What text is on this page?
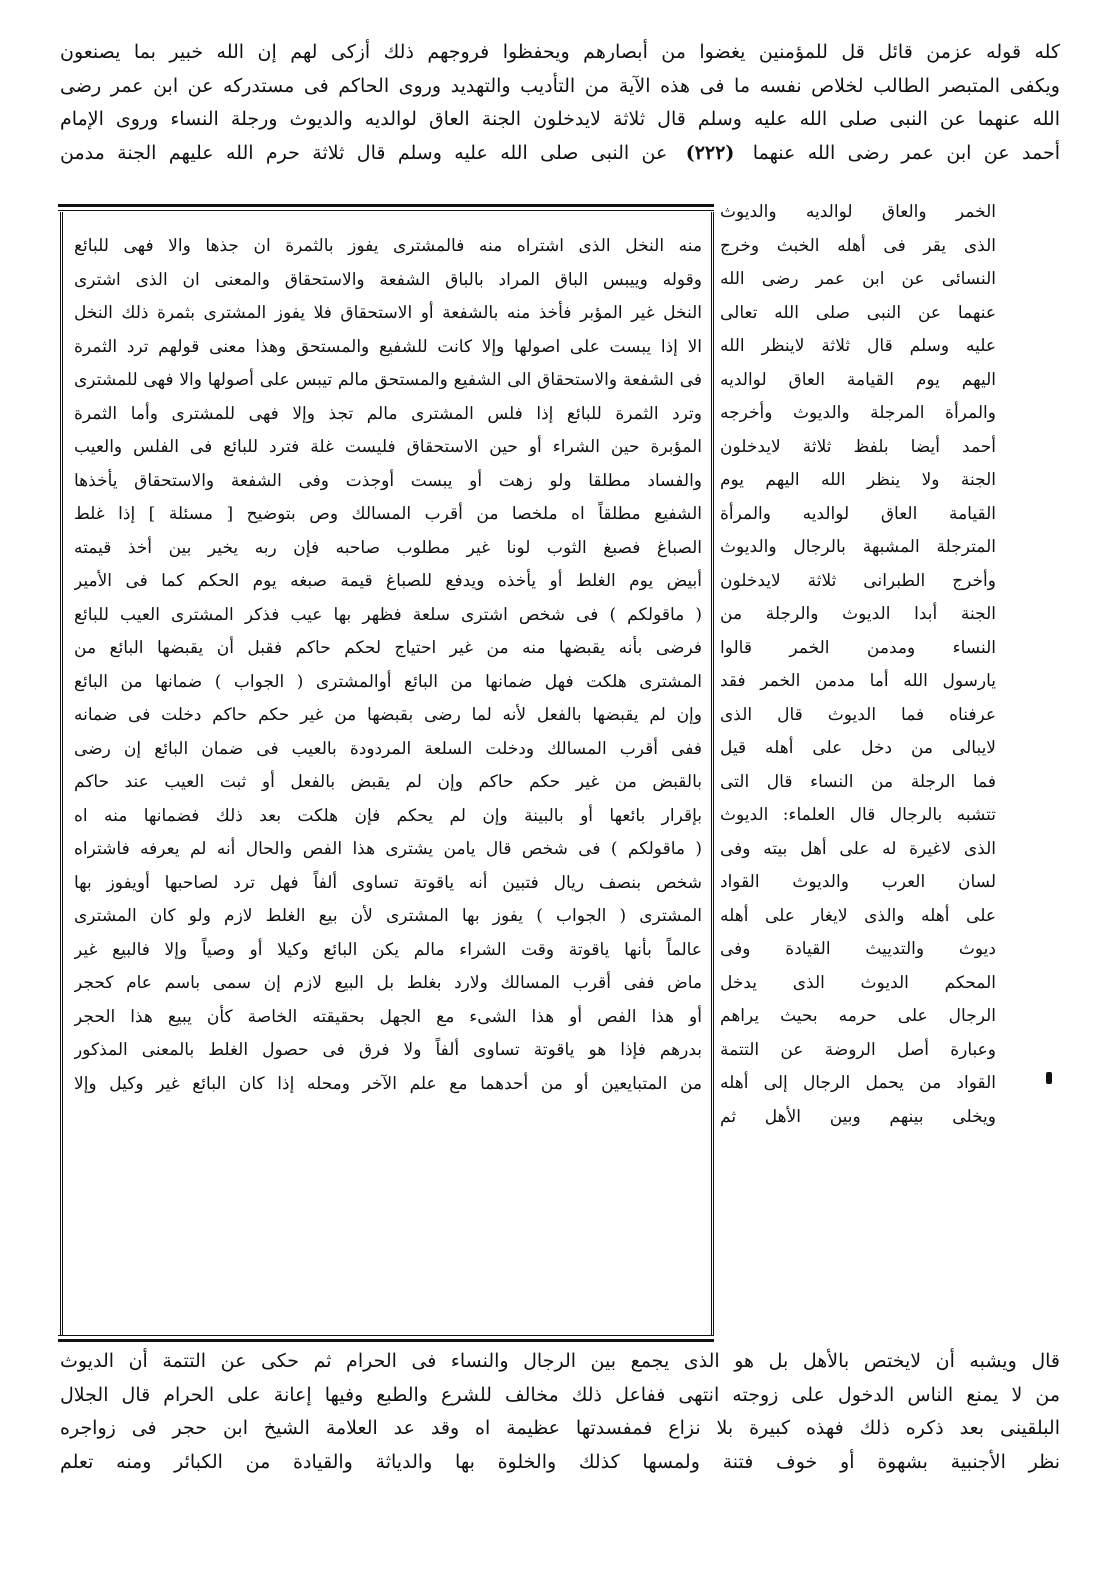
كله قوله عزمن قائل قل للمؤمنين يغضوا من أبصارهم ويحفظوا فروجهم ذلك أزكى لهم إن الله خبير بما يصنعون
ويكفى المتبصر الطالب لخلاص نفسه ما فى هذه الآية من التأديب والتهديد وروى الحاكم فى مستدركه عن ابن عمر رضى
الله عنهما عن النبى صلى الله عليه وسلم قال ثلاثة لايدخلون الجنة العاق لوالديه والديوث ورجلة النساء وروى الإمام
أحمد عن ابن عمر رضى الله عنهما (٢٢٢) عن النبى صلى الله عليه وسلم قال ثلاثة حرم الله عليهم الجنة مدمن
منه النخل الذى اشتراه منه فالمشترى يفوز بالثمرة ان جذها والا فهى للبائع
وقوله وييبس الباق المراد بالباق الشفعة والاستحقاق والمعنى ان الذى اشترى
النخل غير المؤبر فأخذ منه بالشفعة أو الاستحقاق فلا يفوز المشترى بثمرة ذلك النخل
الا إذا يبست على اصولها وإلا كانت للشفيع والمستحق وهذا معنى قولهم ترد الثمرة
فى الشفعة والاستحقاق الى الشفيع والمستحق مالم تيبس على أصولها والا فهى للمشترى
وترد الثمرة للبائع إذا فلس المشترى مالم تجذ وإلا فهى للمشترى وأما الثمرة
المؤبرة حين الشراء أو حين الاستحقاق فليست غلة فترد للبائع فى الفلس والعيب
والفساد مطلقا ولو زهت أو يبست أوجذت وفى الشفعة والاستحقاق يأخذها
الشفيع مطلقاً اه ملخصا من أقرب المسالك وص بتوضيح [ مسئلة ] إذا غلط
الصباغ فصبغ الثوب لونا غير مطلوب صاحبه فإن ربه يخير بين أخذ قيمته
أبيض يوم الغلط أو يأخذه ويدفع للصباغ قيمة صبغه يوم الحكم كما فى الأمير
( ماقولكم ) فى شخص اشترى سلعة فظهر بها عيب فذكر المشترى العيب للبائع
فرضى بأنه يقبضها منه من غير احتياج لحكم حاكم فقبل أن يقبضها البائع من
المشترى هلكت فهل ضمانها من البائع أوالمشترى ( الجواب ) ضمانها من البائع
وإن لم يقبضها بالفعل لأنه لما رضى بقبضها من غير حكم حاكم دخلت فى ضمانه
ففى أقرب المسالك ودخلت السلعة المردودة بالعيب فى ضمان البائع إن رضى
بالقبض من غير حكم حاكم وإن لم يقبض بالفعل أو ثبت العيب عند حاكم
بإقرار بائعها أو بالبينة وإن لم يحكم فإن هلكت بعد ذلك فضمانها منه اه
( ماقولكم ) فى شخص قال يامن يشترى هذا الفص والحال أنه لم يعرفه فاشتراه
شخص بنصف ريال فتبين أنه ياقوتة تساوى ألفاً فهل ترد لصاحبها أويفوز بها
المشترى ( الجواب ) يفوز بها المشترى لأن بيع الغلط لازم ولو كان المشترى
عالماً بأنها ياقوتة وقت الشراء مالم يكن البائع وكيلا أو وصياً وإلا فالبيع غير
ماض ففى أقرب المسالك ولارد بغلط بل البيع لازم إن سمى باسم عام كحجر
أو هذا الفص أو هذا الشىء مع الجهل بحقيقته الخاصة كأن يبيع هذا الحجر
بدرهم فإذا هو ياقوتة تساوى ألفاً ولا فرق فى حصول الغلط بالمعنى المذكور
من المتبايعين أو من أحدهما مع علم الآخر ومحله إذا كان البائع غير وكيل وإلا
الخمر والعاق لوالديه والديوث
الذى يقر فى أهله الخبث وخرج
النسائى عن ابن عمر رضى الله
عنهما عن النبى صلى الله تعالى
عليه وسلم قال ثلاثة لاينظر الله
اليهم يوم القيامة العاق لوالديه
والمرأة المرجلة والديوث وأخرجه
أحمد أيضا بلفظ ثلاثة لايدخلون
الجنة ولا ينظر الله اليهم يوم
القيامة العاق لوالديه والمرأة
المترجلة المشبهة بالرجال والديوث
وأخرج الطبرانى ثلاثة لايدخلون
الجنة أبدا الديوث والرجلة من
النساء ومدمن الخمر قالوا
يارسول الله أما مدمن الخمر فقد
عرفناه فما الديوث قال الذى
لايبالى من دخل على أهله قيل
فما الرجلة من النساء قال التى
تتشبه بالرجال قال العلماء: الديوث
الذى لاغيرة له على أهل بيته وفى
لسان العرب والديوث القواد
على أهله والذى لايغار على أهله
ديوث والتدييث القيادة وفى
المحكم الديوث الذى يدخل
الرجال على حرمه بحيث يراهم
وعبارة أصل الروضة عن التتمة
القواد من يحمل الرجال إلى أهله
ويخلى بينهم وبين الأهل ثم
قال ويشبه أن لايختص بالأهل بل هو الذى يجمع بين الرجال والنساء فى الحرام ثم حكى عن التتمة أن الديوث
من لا يمنع الناس الدخول على زوجته انتهى ففاعل ذلك مخالف للشرع والطبع وفيها إعانة على الحرام قال الجلال
البلقينى بعد ذكره ذلك فهذه كبيرة بلا نزاع فمفسدتها عظيمة اه وقد عد العلامة الشيخ ابن حجر فى زواجره
نظر الأجنبية بشهوة أو خوف فتنة ولمسها كذلك والخلوة بها والدياثة والقيادة من الكبائر ومنه تعلم
